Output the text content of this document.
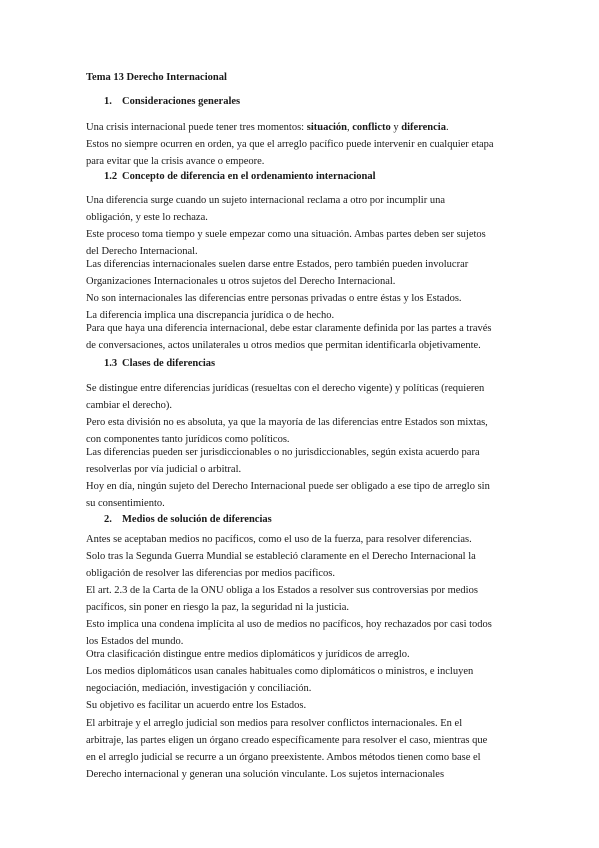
Tema 13 Derecho Internacional
1. Consideraciones generales
Una crisis internacional puede tener tres momentos: situación, conflicto y diferencia.
Estos no siempre ocurren en orden, ya que el arreglo pacífico puede intervenir en cualquier etapa
para evitar que la crisis avance o empeore.
1.2 Concepto de diferencia en el ordenamiento internacional
Una diferencia surge cuando un sujeto internacional reclama a otro por incumplir una
obligación, y este lo rechaza.
Este proceso toma tiempo y suele empezar como una situación. Ambas partes deben ser sujetos
del Derecho Internacional.
Las diferencias internacionales suelen darse entre Estados, pero también pueden involucrar
Organizaciones Internacionales u otros sujetos del Derecho Internacional.
No son internacionales las diferencias entre personas privadas o entre éstas y los Estados.
La diferencia implica una discrepancia jurídica o de hecho.
Para que haya una diferencia internacional, debe estar claramente definida por las partes a través
de conversaciones, actos unilaterales u otros medios que permitan identificarla objetivamente.
1.3 Clases de diferencias
Se distingue entre diferencias jurídicas (resueltas con el derecho vigente) y políticas (requieren
cambiar el derecho).
Pero esta división no es absoluta, ya que la mayoría de las diferencias entre Estados son mixtas,
con componentes tanto jurídicos como políticos.
Las diferencias pueden ser jurisdiccionables o no jurisdiccionables, según exista acuerdo para
resolverlas por vía judicial o arbitral.
Hoy en día, ningún sujeto del Derecho Internacional puede ser obligado a ese tipo de arreglo sin
su consentimiento.
2. Medios de solución de diferencias
Antes se aceptaban medios no pacíficos, como el uso de la fuerza, para resolver diferencias.
Solo tras la Segunda Guerra Mundial se estableció claramente en el Derecho Internacional la
obligación de resolver las diferencias por medios pacíficos.
El art. 2.3 de la Carta de la ONU obliga a los Estados a resolver sus controversias por medios
pacíficos, sin poner en riesgo la paz, la seguridad ni la justicia.
Esto implica una condena implícita al uso de medios no pacíficos, hoy rechazados por casi todos
los Estados del mundo.
Otra clasificación distingue entre medios diplomáticos y jurídicos de arreglo.
Los medios diplomáticos usan canales habituales como diplomáticos o ministros, e incluyen
negociación, mediación, investigación y conciliación.
Su objetivo es facilitar un acuerdo entre los Estados.
El arbitraje y el arreglo judicial son medios para resolver conflictos internacionales. En el
arbitraje, las partes eligen un órgano creado específicamente para resolver el caso, mientras que
en el arreglo judicial se recurre a un órgano preexistente. Ambos métodos tienen como base el
Derecho internacional y generan una solución vinculante. Los sujetos internacionales
